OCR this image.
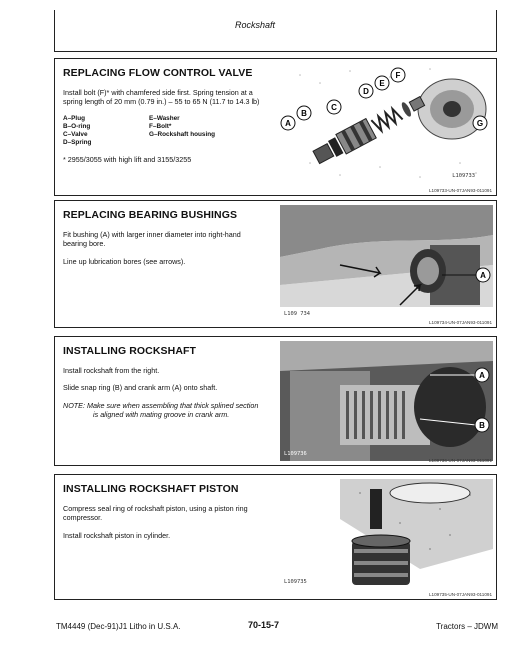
Rockshaft
REPLACING FLOW CONTROL VALVE

Install bolt (F)* with chamfered side first. Spring tension at a spring length of 20 mm (0.79 in.) – 55 to 65 N (11.7 to 14.3 lb)

A–Plug	E–Washer
B–O-ring	F–Bolt*
C–Valve	G–Rockshaft housing
D–Spring

* 2955/3055 with high lift and 3155/3255

A
B
C
D
E
F
G
L109733
L109733-UN-07JAN93-011091
REPLACING BEARING BUSHINGS

Fit bushing (A) with larger inner diameter into right-hand bearing bore.

Line up lubrication bores (see arrows).

A
L109 734
L109734-UN-07JAN93-011091
INSTALLING ROCKSHAFT

Install rockshaft from the right.

Slide snap ring (B) and crank arm (A) onto shaft.

NOTE: Make sure when assembling that thick splined section is aligned with mating groove in crank arm.

A
B
L109736
L109736-UN-07JAN93-011091
INSTALLING ROCKSHAFT PISTON

Compress seal ring of rockshaft piston, using a piston ring compressor.

Install rockshaft piston in cylinder.

L109735
L109735-UN-07JAN93-011091
TM4449 (Dec-91)J1 Litho in U.S.A.	70-15-7	Tractors – JDWM
